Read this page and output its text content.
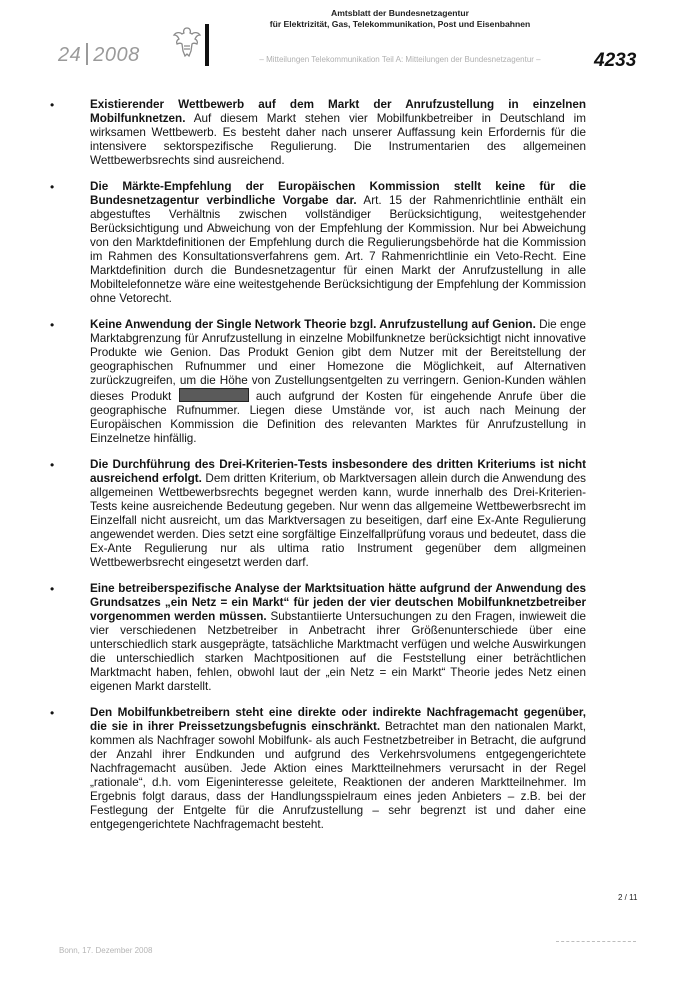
24 2008
Amtsblatt der Bundesnetzagentur
für Elektrizität, Gas, Telekommunikation, Post und Eisenbahnen
– Mitteilungen Telekommunikation Teil A: Mitteilungen der Bundesnetzagentur –	4233
•	Existierender Wettbewerb auf dem Markt der Anrufzustellung in einzelnen Mobilfunknetzen. Auf diesem Markt stehen vier Mobilfunkbetreiber in Deutschland im wirksamen Wettbewerb. Es besteht daher nach unserer Auffassung kein Erfordernis für die intensivere sektorspezifische Regulierung. Die Instrumentarien des allgemeinen Wettbewerbsrechts sind ausreichend.

•	Die Märkte-Empfehlung der Europäischen Kommission stellt keine für die Bundesnetzagentur verbindliche Vorgabe dar. Art. 15 der Rahmenrichtlinie enthält ein abgestuftes Verhältnis zwischen vollständiger Berücksichtigung, weitestgehender Berücksichtigung und Abweichung von der Empfehlung der Kommission. Nur bei Abweichung von den Marktdefinitionen der Empfehlung durch die Regulierungsbehörde hat die Kommission im Rahmen des Konsultationsverfahrens gem. Art. 7 Rahmenrichtlinie ein Veto-Recht. Eine Marktdefinition durch die Bundesnetzagentur für einen Markt der Anrufzustellung in alle Mobiltelefonnetze wäre eine weitestgehende Berücksichtigung der Empfehlung der Kommission ohne Vetorecht.

•	Keine Anwendung der Single Network Theorie bzgl. Anrufzustellung auf Genion. Die enge Marktabgrenzung für Anrufzustellung in einzelne Mobilfunknetze berücksichtigt nicht innovative Produkte wie Genion. Das Produkt Genion gibt dem Nutzer mit der Bereitstellung der geographischen Rufnummer und einer Homezone die Möglichkeit, auf Alternativen zurückzugreifen, um die Höhe von Zustellungsentgelten zu verringern. Genion-Kunden wählen dieses Produkt	auch aufgrund der Kosten für eingehende Anrufe über die geographische Rufnummer. Liegen diese Umstände vor, ist auch nach Meinung der Europäischen Kommission die Definition des relevanten Marktes für Anrufzustellung in Einzelnetze hinfällig.

•	Die Durchführung des Drei-Kriterien-Tests insbesondere des dritten Kriteriums ist nicht ausreichend erfolgt. Dem dritten Kriterium, ob Marktversagen allein durch die Anwendung des allgemeinen Wettbewerbsrechts begegnet werden kann, wurde innerhalb des Drei-Kriterien-Tests keine ausreichende Bedeutung gegeben. Nur wenn das allgemeine Wettbewerbsrecht im Einzelfall nicht ausreicht, um das Marktversagen zu beseitigen, darf eine Ex-Ante Regulierung angewendet werden. Dies setzt eine sorgfältige Einzelfallprüfung voraus und bedeutet, dass die Ex-Ante Regulierung nur als ultima ratio Instrument gegenüber dem allgmeinen Wettbewerbsrecht eingesetzt werden darf.

•	Eine betreiberspezifische Analyse der Marktsituation hätte aufgrund der Anwendung des Grundsatzes „ein Netz = ein Markt“ für jeden der vier deutschen Mobilfunknetzbetreiber vorgenommen werden müssen. Substantiierte Untersuchungen zu den Fragen, inwieweit die vier verschiedenen Netzbetreiber in Anbetracht ihrer Größenunterschiede über eine unterschiedlich stark ausgeprägte, tatsächliche Marktmacht verfügen und welche Auswirkungen die unterschiedlich starken Machtpositionen auf die Feststellung einer beträchtlichen Marktmacht haben, fehlen, obwohl laut der „ein Netz = ein Markt“ Theorie jedes Netz einen eigenen Markt darstellt.

•	Den Mobilfunkbetreibern steht eine direkte oder indirekte Nachfragemacht gegenüber, die sie in ihrer Preissetzungsbefugnis einschränkt. Betrachtet man den nationalen Markt, kommen als Nachfrager sowohl Mobilfunk- als auch Festnetzbetreiber in Betracht, die aufgrund der Anzahl ihrer Endkunden und aufgrund des Verkehrsvolumens entgegengerichtete Nachfragemacht ausüben. Jede Aktion eines Marktteilnehmers verursacht in der Regel „rationale“, d.h. vom Eigeninteresse geleitete, Reaktionen der anderen Marktteilnehmer. Im Ergebnis folgt daraus, dass der Handlungsspielraum eines jeden Anbieters – z.B. bei der Festlegung der Entgelte für die Anrufzustellung – sehr begrenzt ist und daher eine entgegengerichtete Nachfragemacht besteht.

2 / 11
Bonn, 17. Dezember 2008
